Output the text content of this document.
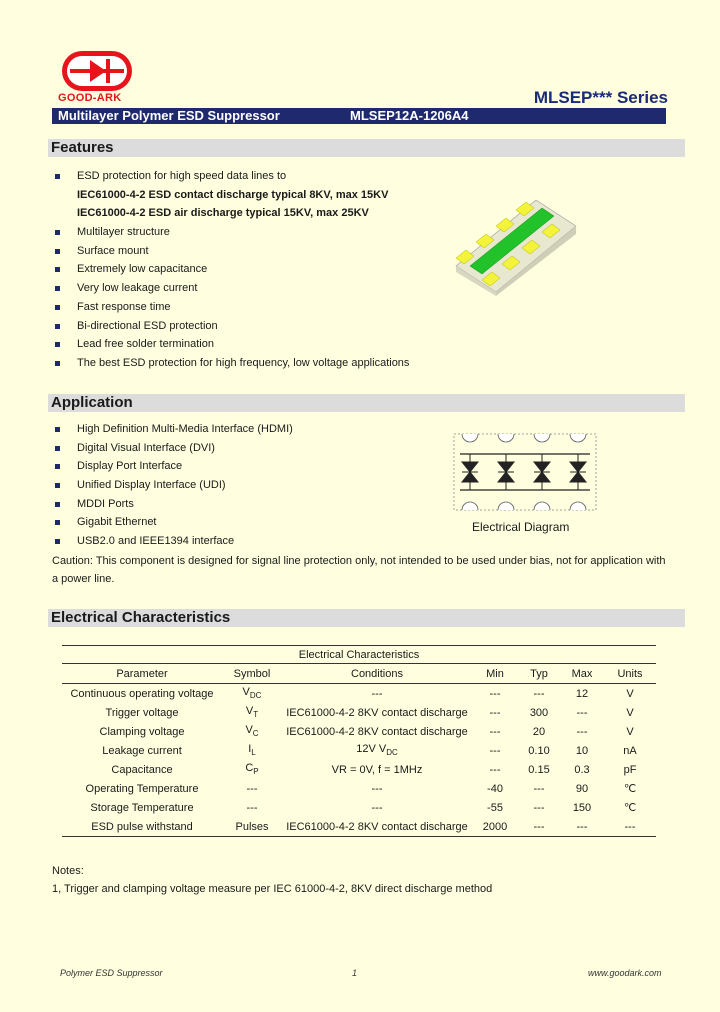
GOOD-ARK	MLSEP*** Series
Multilayer Polymer ESD Suppressor	MLSEP12A-1206A4
Features
ESD protection for high speed data lines to
IEC61000-4-2 ESD contact discharge typical 8KV, max 15KV
IEC61000-4-2 ESD air discharge typical 15KV, max 25KV
Multilayer structure
Surface mount
Extremely low capacitance
Very low leakage current
Fast response time
Bi-directional ESD protection
Lead free solder termination
The best ESD protection for high frequency, low voltage applications
Application
High Definition Multi-Media Interface (HDMI)
Digital Visual Interface (DVI)
Display Port Interface
Unified Display Interface (UDI)
MDDI Ports
Gigabit Ethernet
USB2.0 and IEEE1394 interface
Electrical Diagram
Caution: This component is designed for signal line protection only, not intended to be used under bias, not for application with a power line.
Electrical Characteristics
Electrical Characteristics						
Parameter	Symbol	Conditions	Min	Typ	Max	Units
Continuous operating voltage	$V_{DC}$	---	---	---	12	V
Trigger voltage	$V_T$	IEC61000-4-2 8KV contact discharge	---	300	---	V
Clamping voltage	$V_C$	IEC61000-4-2 8KV contact discharge	---	20	---	V
Leakage current	$I_L$	12V $V_{DC}$	---	0.10	10	nA
Capacitance	$C_P$	VR = 0V, f = 1MHz	---	0.15	0.3	pF
Operating Temperature	---	---	-40	---	90	℃
Storage Temperature	---	---	-55	---	150	℃
ESD pulse withstand	Pulses	IEC61000-4-2 8KV contact discharge	2000	---	---	---
Notes:
1, Trigger and clamping voltage measure per IEC 61000-4-2, 8KV direct discharge method
Polymer ESD Suppressor	1	www.goodark.com
